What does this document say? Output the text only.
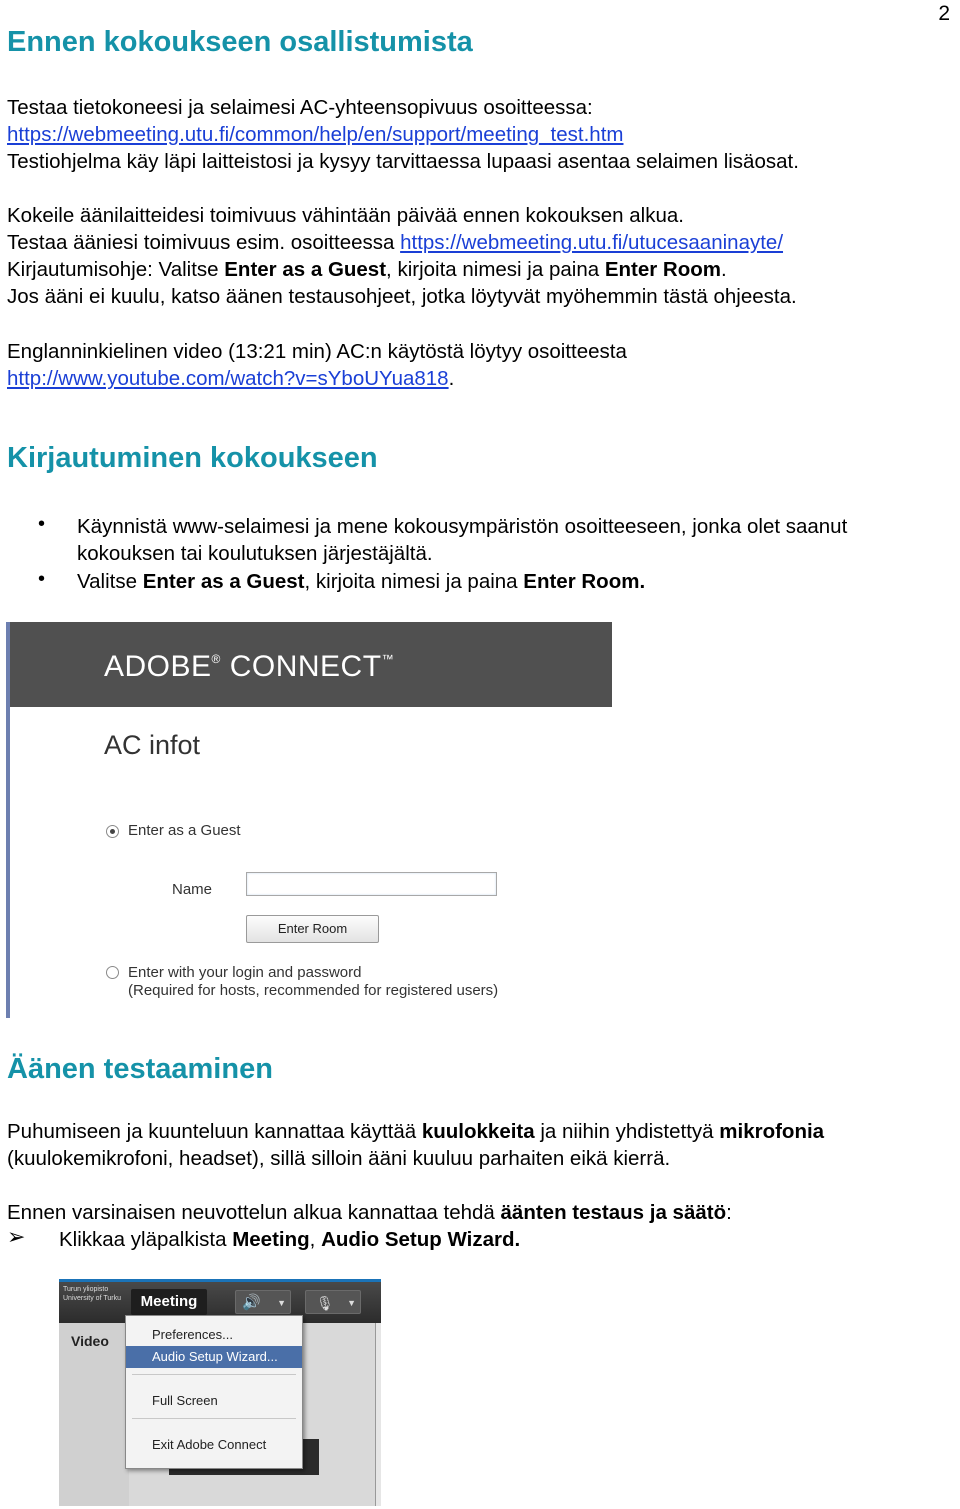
2
Ennen kokoukseen osallistumista
Testaa tietokoneesi ja selaimesi AC-yhteensopivuus osoitteessa:
https://webmeeting.utu.fi/common/help/en/support/meeting_test.htm
Testiohjelma käy läpi laitteistosi ja kysyy tarvittaessa lupaasi asentaa selaimen lisäosat.
Kokeile äänilaitteidesi toimivuus vähintään päivää ennen kokouksen alkua.
Testaa ääniesi toimivuus esim. osoitteessa https://webmeeting.utu.fi/utucesaaninayte/
Kirjautumisohje: Valitse Enter as a Guest, kirjoita nimesi ja paina Enter Room.
Jos ääni ei kuulu, katso äänen testausohjeet, jotka löytyvät myöhemmin tästä ohjeesta.
Englanninkielinen video (13:21 min) AC:n käytöstä löytyy osoitteesta
http://www.youtube.com/watch?v=sYboUYua818.
Kirjautuminen kokoukseen
• Käynnistä www-selaimesi ja mene kokousympäristön osoitteeseen, jonka olet saanut
kokouksen tai koulutuksen järjestäjältä.
• Valitse Enter as a Guest, kirjoita nimesi ja paina Enter Room.
ADOBE® CONNECT™
AC infot
Enter as a Guest
Name
Enter Room
Enter with your login and password
(Required for hosts, recommended for registered users)
Äänen testaaminen
Puhumiseen ja kuunteluun kannattaa käyttää kuulokkeita ja niihin yhdistettyä mikrofonia
(kuulokemikrofoni, headset), sillä silloin ääni kuuluu parhaiten eikä kierrä.
Ennen varsinaisen neuvottelun alkua kannattaa tehdä äänten testaus ja säätö:
➢ Klikkaa yläpalkista Meeting, Audio Setup Wizard.
Turun yliopisto University of Turku	Meeting	🔊 ▼	🎙 ▼
Video	Preferences...
Audio Setup Wizard...
Full Screen
Exit Adobe Connect
